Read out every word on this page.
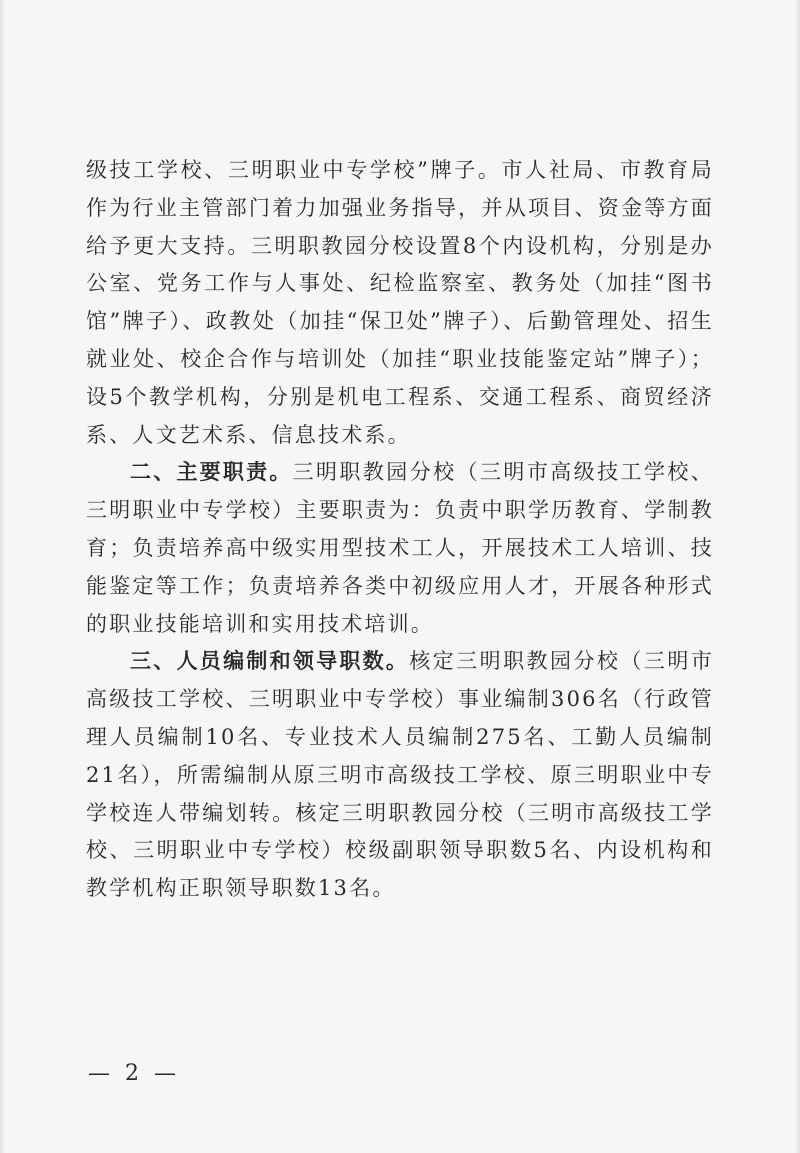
级技工学校、三明职业中专学校”牌子。市人社局、市教育局作为行业主管部门着力加强业务指导，并从项目、资金等方面给予更大支持。三明职教园分校设置8个内设机构，分别是办公室、党务工作与人事处、纪检监察室、教务处（加挂“图书馆”牌子）、政教处（加挂“保卫处”牌子）、后勤管理处、招生就业处、校企合作与培训处（加挂“职业技能鉴定站”牌子）；设5个教学机构，分别是机电工程系、交通工程系、商贸经济系、人文艺术系、信息技术系。

二、主要职责。三明职教园分校（三明市高级技工学校、三明职业中专学校）主要职责为：负责中职学历教育、学制教育；负责培养高中级实用型技术工人，开展技术工人培训、技能鉴定等工作；负责培养各类中初级应用人才，开展各种形式的职业技能培训和实用技术培训。

三、人员编制和领导职数。核定三明职教园分校（三明市高级技工学校、三明职业中专学校）事业编制306名（行政管理人员编制10名、专业技术人员编制275名、工勤人员编制21名），所需编制从原三明市高级技工学校、原三明职业中专学校连人带编划转。核定三明职教园分校（三明市高级技工学校、三明职业中专学校）校级副职领导职数5名、内设机构和教学机构正职领导职数13名。

— 2 —
